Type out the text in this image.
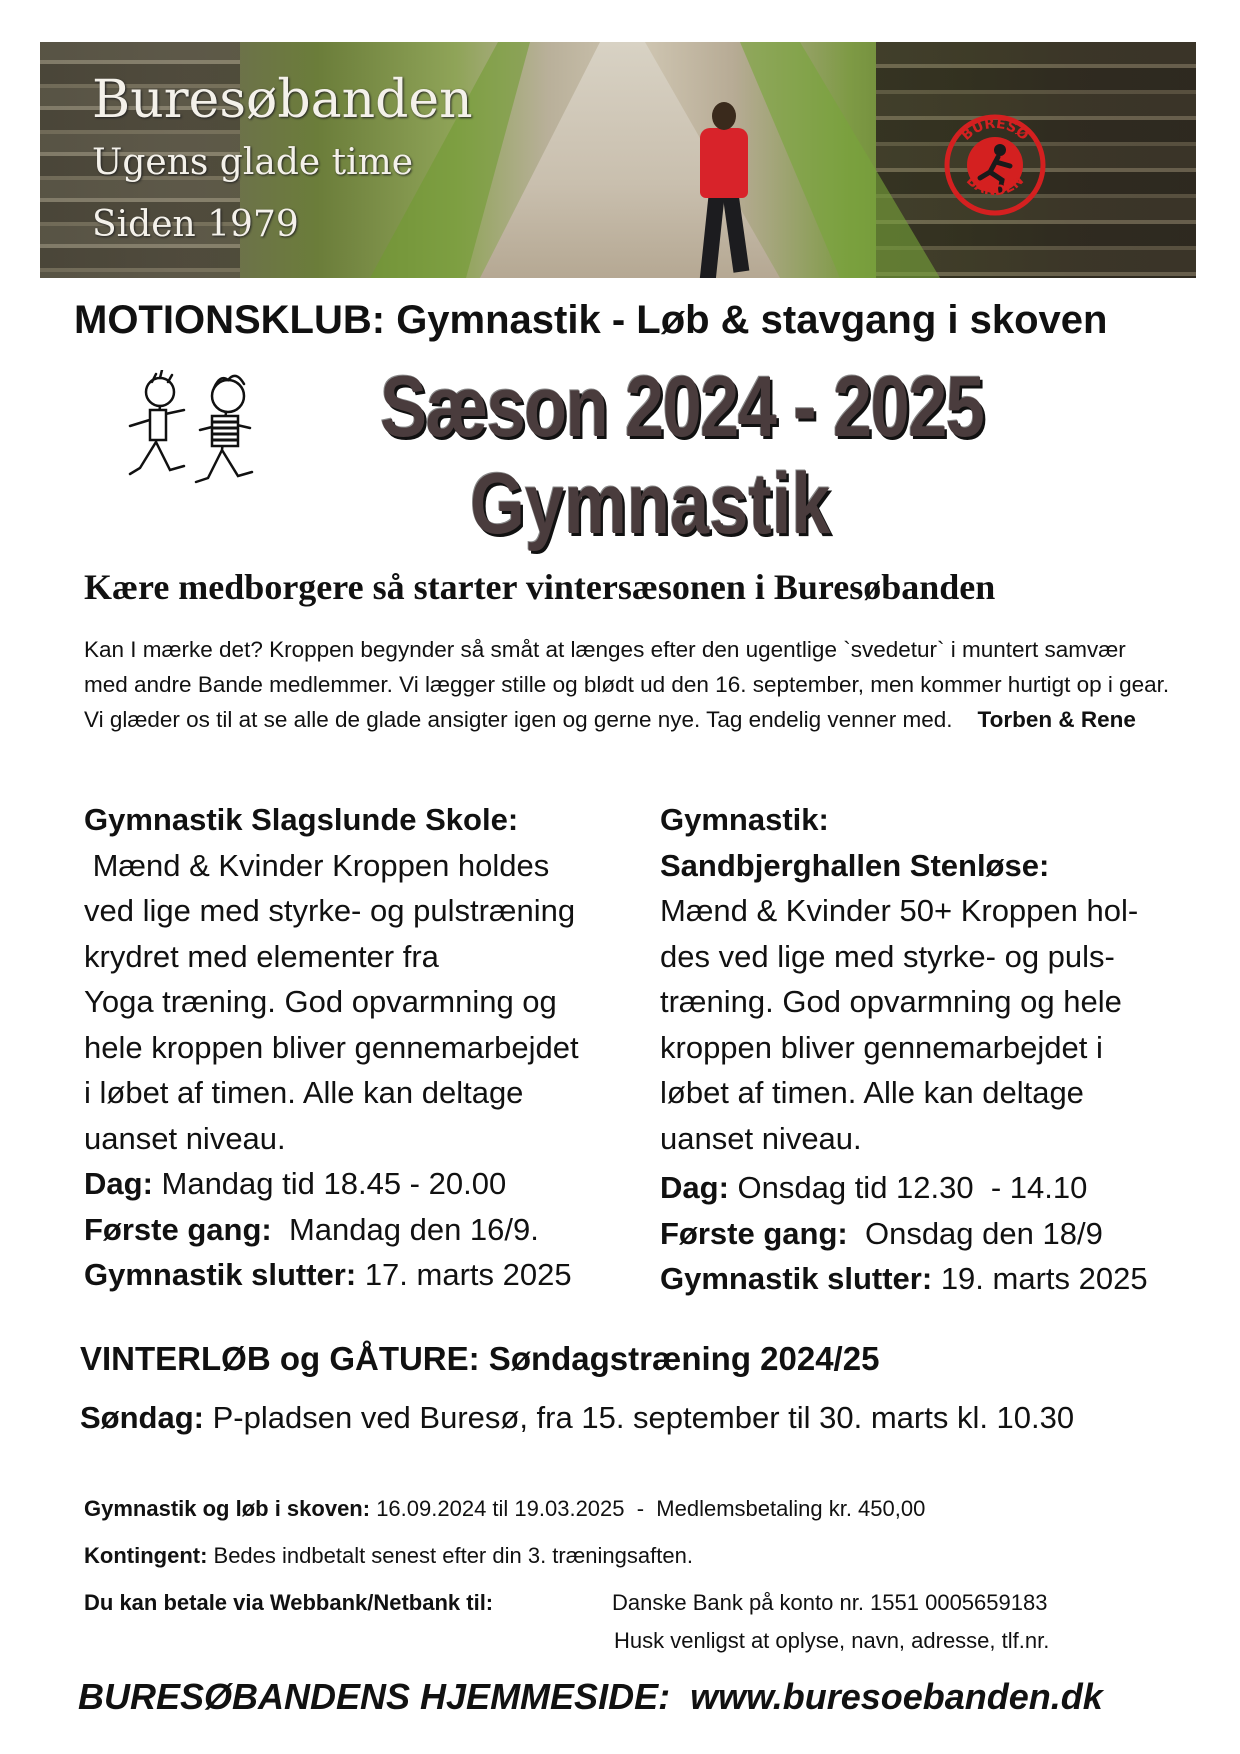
Buresøbanden
Ugens glade time
Siden 1979
BURESØ
BANDEN
MOTIONSKLUB: Gymnastik - Løb & stavgang i skoven
Sæson 2024 - 2025
Gymnastik
Kære medborgere så starter vintersæsonen i Buresøbanden
Kan I mærke det? Kroppen begynder så småt at længes efter den ugentlige `svedetur` i muntert samvær med andre Bande medlemmer. Vi lægger stille og blødt ud den 16. september, men kommer hurtigt op i gear. Vi glæder os til at se alle de glade ansigter igen og gerne nye. Tag endelig venner med. Torben & Rene
Gymnastik Slagslunde Skole:
Mænd & Kvinder Kroppen holdes
ved lige med styrke- og pulstræning
krydret med elementer fra
Yoga træning. God opvarmning og
hele kroppen bliver gennemarbejdet
i løbet af timen. Alle kan deltage
uanset niveau.
Dag: Mandag tid 18.45 - 20.00
Første gang:  Mandag den 16/9.
Gymnastik slutter: 17. marts 2025
Gymnastik:
Sandbjerghallen Stenløse:
Mænd & Kvinder 50+ Kroppen hol-
des ved lige med styrke- og puls-
træning. God opvarmning og hele
kroppen bliver gennemarbejdet i
løbet af timen. Alle kan deltage
uanset niveau.
Dag: Onsdag tid 12.30  - 14.10
Første gang:  Onsdag den 18/9
Gymnastik slutter: 19. marts 2025
VINTERLØB og GÅTURE: Søndagstræning 2024/25
Søndag: P-pladsen ved Buresø, fra 15. september til 30. marts kl. 10.30
Gymnastik og løb i skoven: 16.09.2024 til 19.03.2025  -  Medlemsbetaling kr. 450,00
Kontingent: Bedes indbetalt senest efter din 3. træningsaften.
Du kan betale via Webbank/Netbank til:	Danske Bank på konto nr. 1551 0005659183
Husk venligst at oplyse, navn, adresse, tlf.nr.
BURESØBANDENS HJEMMESIDE:  www.buresoebanden.dk
